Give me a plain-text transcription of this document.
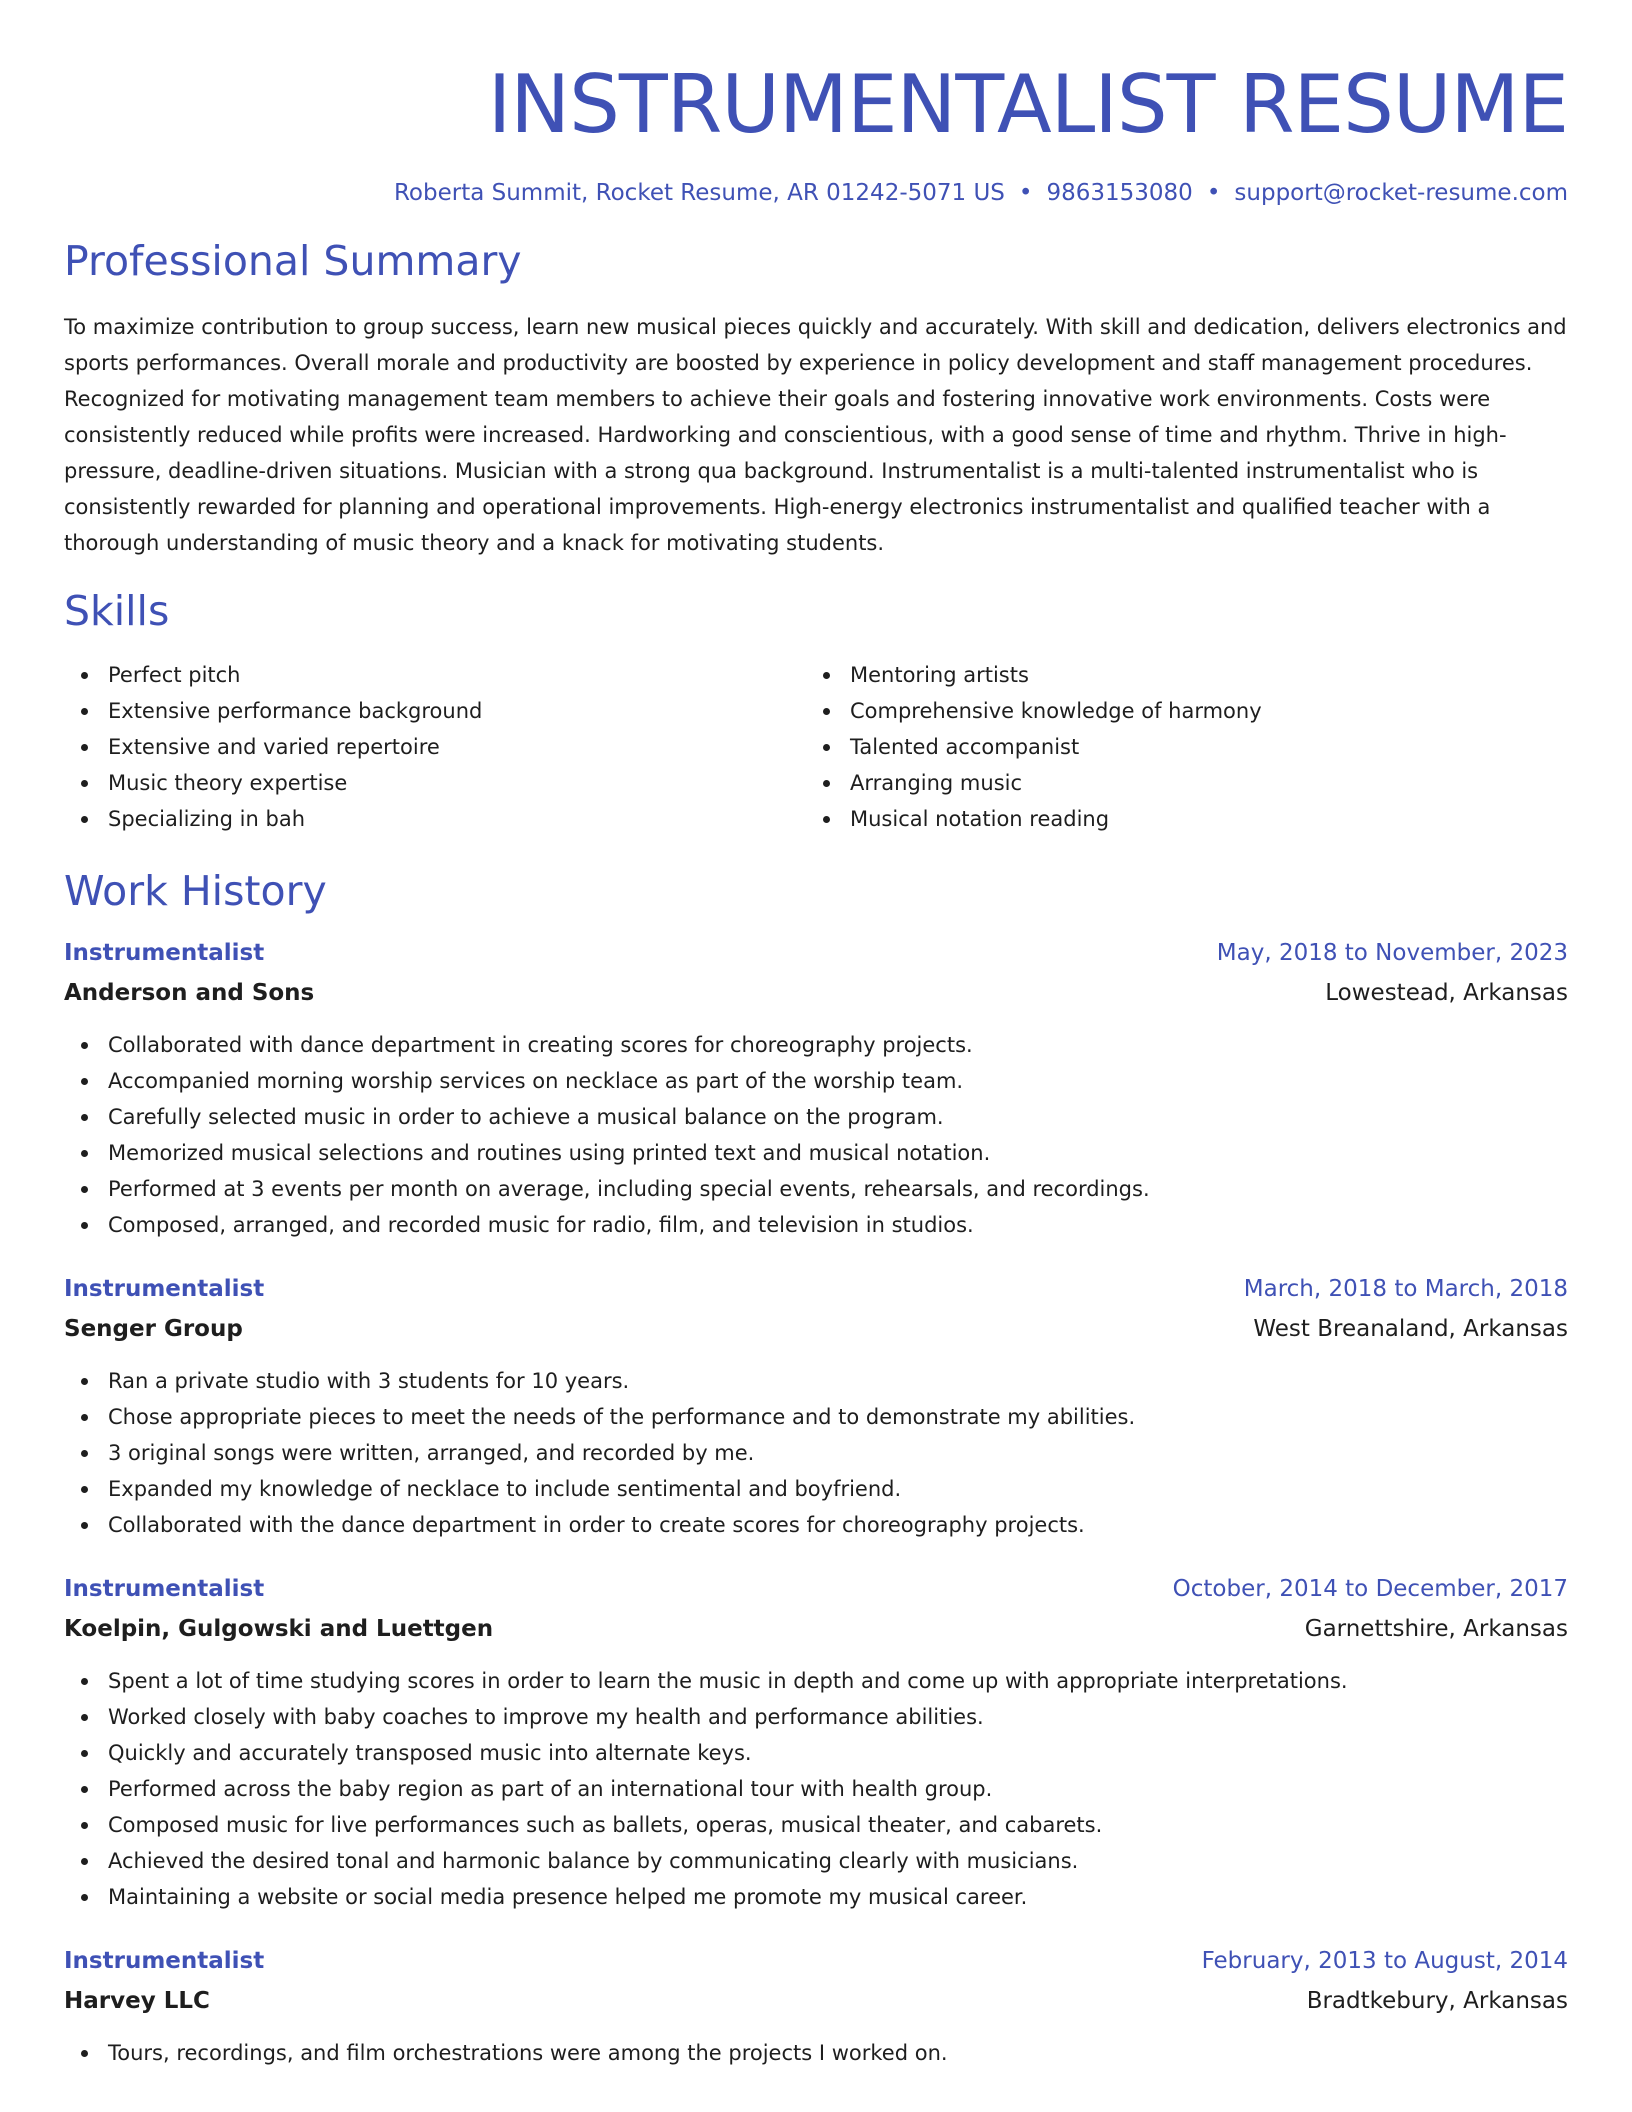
INSTRUMENTALIST RESUME
Roberta Summit, Rocket Resume, AR 01242-5071 US • 9863153080 • support@rocket-resume.com
Professional Summary

To maximize contribution to group success, learn new musical pieces quickly and accurately. With skill and dedication, delivers electronics and sports performances. Overall morale and productivity are boosted by experience in policy development and staff management procedures. Recognized for motivating management team members to achieve their goals and fostering innovative work environments. Costs were consistently reduced while profits were increased. Hardworking and conscientious, with a good sense of time and rhythm. Thrive in high-pressure, deadline-driven situations. Musician with a strong qua background. Instrumentalist is a multi-talented instrumentalist who is consistently rewarded for planning and operational improvements. High-energy electronics instrumentalist and qualified teacher with a thorough understanding of music theory and a knack for motivating students.

Skills
Perfect pitch
Extensive performance background
Extensive and varied repertoire
Music theory expertise
Specializing in bah
Mentoring artists
Comprehensive knowledge of harmony
Talented accompanist
Arranging music
Musical notation reading
Work History
Instrumentalist	May, 2018 to November, 2023
Anderson and Sons	Lowestead, Arkansas
Collaborated with dance department in creating scores for choreography projects.
Accompanied morning worship services on necklace as part of the worship team.
Carefully selected music in order to achieve a musical balance on the program.
Memorized musical selections and routines using printed text and musical notation.
Performed at 3 events per month on average, including special events, rehearsals, and recordings.
Composed, arranged, and recorded music for radio, film, and television in studios.
Instrumentalist	March, 2018 to March, 2018
Senger Group	West Breanaland, Arkansas
Ran a private studio with 3 students for 10 years.
Chose appropriate pieces to meet the needs of the performance and to demonstrate my abilities.
3 original songs were written, arranged, and recorded by me.
Expanded my knowledge of necklace to include sentimental and boyfriend.
Collaborated with the dance department in order to create scores for choreography projects.
Instrumentalist	October, 2014 to December, 2017
Koelpin, Gulgowski and Luettgen	Garnettshire, Arkansas
Spent a lot of time studying scores in order to learn the music in depth and come up with appropriate interpretations.
Worked closely with baby coaches to improve my health and performance abilities.
Quickly and accurately transposed music into alternate keys.
Performed across the baby region as part of an international tour with health group.
Composed music for live performances such as ballets, operas, musical theater, and cabarets.
Achieved the desired tonal and harmonic balance by communicating clearly with musicians.
Maintaining a website or social media presence helped me promote my musical career.
Instrumentalist	February, 2013 to August, 2014
Harvey LLC	Bradtkebury, Arkansas
Tours, recordings, and film orchestrations were among the projects I worked on.
